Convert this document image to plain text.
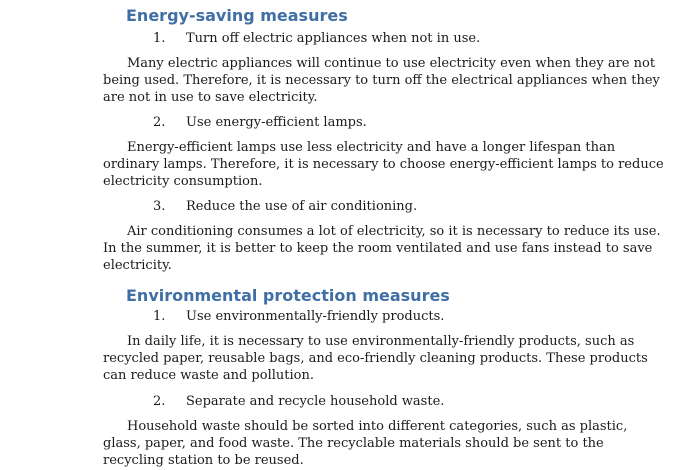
Energy-saving measures
1. Turn off electric appliances when not in use.
Many electric appliances will continue to use electricity even when they are not
being used. Therefore, it is necessary to turn off the electrical appliances when they
are not in use to save electricity.
2. Use energy-efficient lamps.
Energy-efficient lamps use less electricity and have a longer lifespan than
ordinary lamps. Therefore, it is necessary to choose energy-efficient lamps to reduce
electricity consumption.
3. Reduce the use of air conditioning.
Air conditioning consumes a lot of electricity, so it is necessary to reduce its use.
In the summer, it is better to keep the room ventilated and use fans instead to save
electricity.
Environmental protection measures
1. Use environmentally-friendly products.
In daily life, it is necessary to use environmentally-friendly products, such as
recycled paper, reusable bags, and eco-friendly cleaning products. These products
can reduce waste and pollution.
2. Separate and recycle household waste.
Household waste should be sorted into different categories, such as plastic,
glass, paper, and food waste. The recyclable materials should be sent to the
recycling station to be reused.
